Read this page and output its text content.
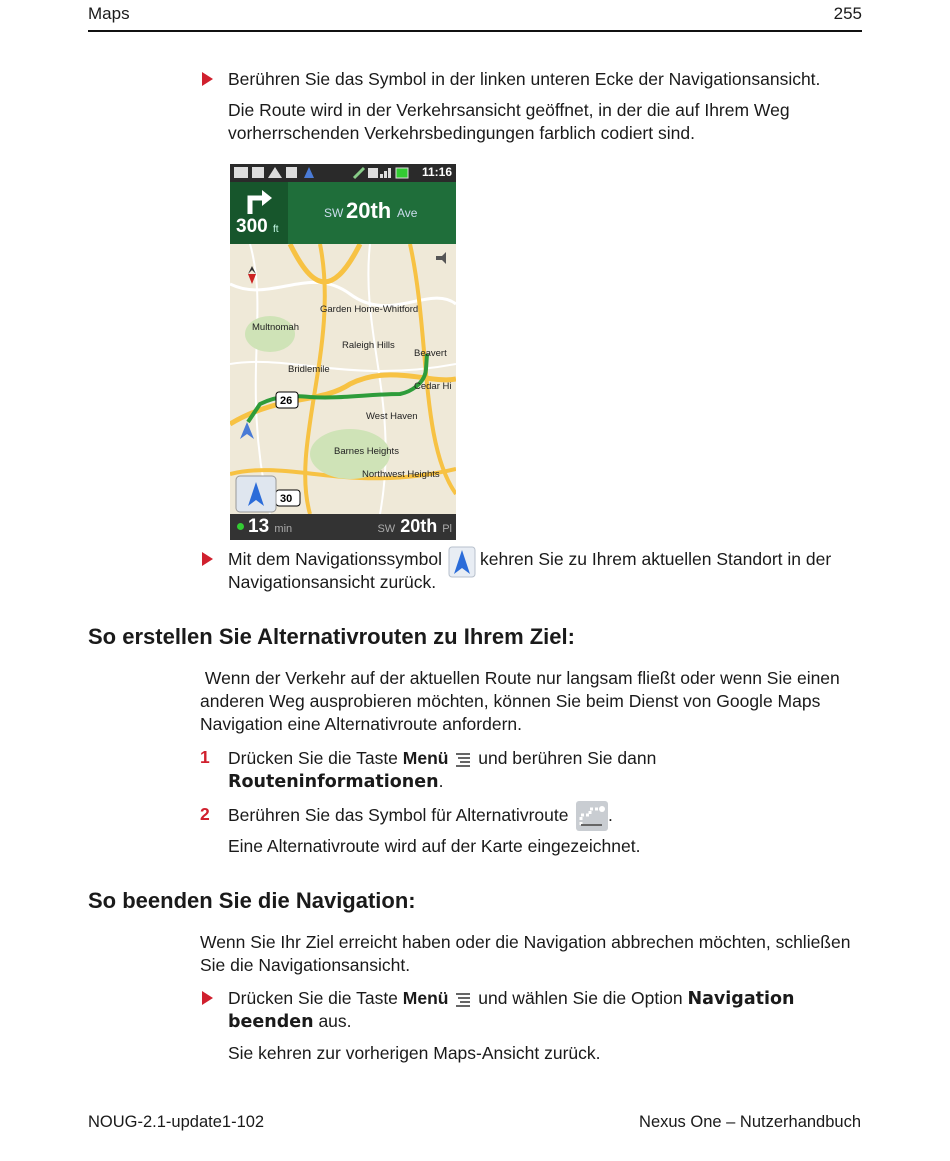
Maps	255
Berühren Sie das Symbol in der linken unteren Ecke der Navigationsansicht.
Die Route wird in der Verkehrsansicht geöffnet, in der die auf Ihrem Weg
vorherrschenden Verkehrsbedingungen farblich codiert sind.
11:16
300 ft
SW 20th Ave
Garden Home-Whitford
Multnomah
Raleigh Hills
Beavert
Bridlemile
Cedar Hi
West Haven
Barnes Heights
Northwest Heights
26
30
13 min	SW 20th Pl
Mit dem Navigationssymbol kehren Sie zu Ihrem aktuellen Standort in der
Navigationsansicht zurück.
So erstellen Sie Alternativrouten zu Ihrem Ziel:
Wenn der Verkehr auf der aktuellen Route nur langsam fließt oder wenn Sie einen
anderen Weg ausprobieren möchten, können Sie beim Dienst von Google Maps
Navigation eine Alternativroute anfordern.
1 Drücken Sie die Taste Menü und berühren Sie dann
Routeninformationen.
2 Berühren Sie das Symbol für Alternativroute .
Eine Alternativroute wird auf der Karte eingezeichnet.
So beenden Sie die Navigation:
Wenn Sie Ihr Ziel erreicht haben oder die Navigation abbrechen möchten, schließen
Sie die Navigationsansicht.
Drücken Sie die Taste Menü und wählen Sie die Option Navigation
beenden aus.
Sie kehren zur vorherigen Maps-Ansicht zurück.
NOUG-2.1-update1-102	Nexus One – Nutzerhandbuch
